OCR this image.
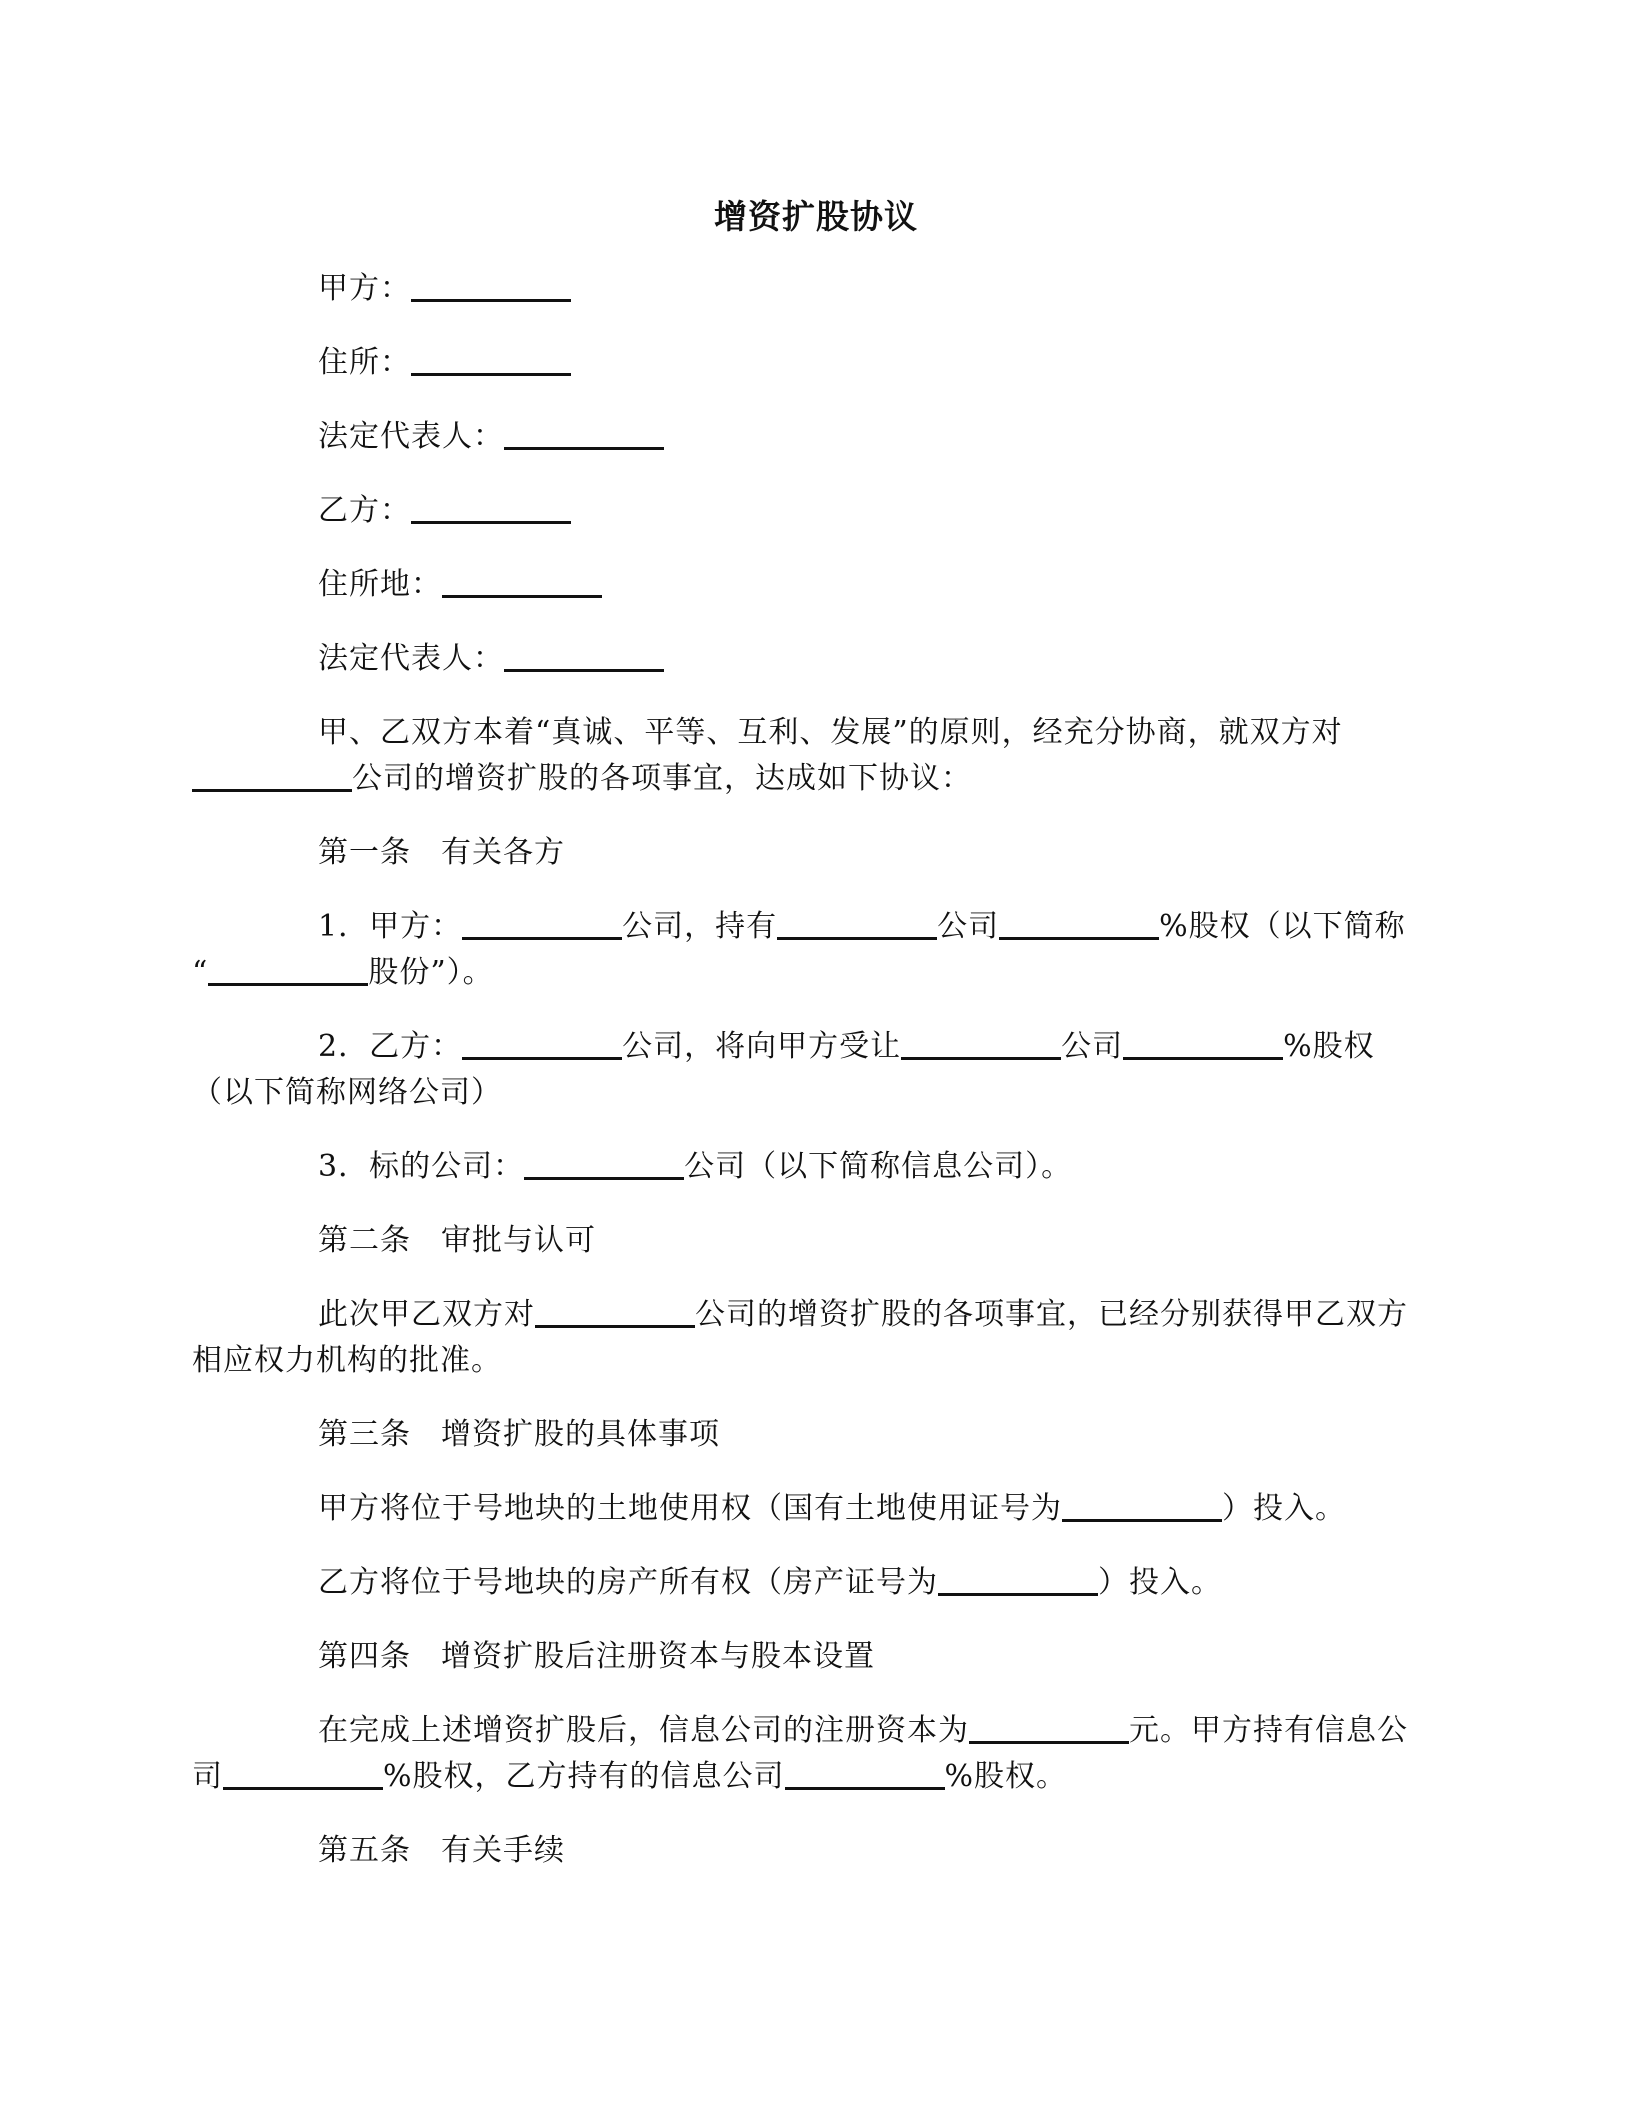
增资扩股协议
甲方：
住所：
法定代表人：
乙方：
住所地：
法定代表人：
甲、乙双方本着“真诚、平等、互利、发展”的原则，经充分协商，就双方对
公司的增资扩股的各项事宜，达成如下协议：
第一条 有关各方
1．甲方：	公司，持有	公司	%股权（以下简称
“	股份”）。
2．乙方：	公司，将向甲方受让	公司	%股权
（以下简称网络公司）
3．标的公司：	公司（以下简称信息公司）。
第二条 审批与认可
此次甲乙双方对	公司的增资扩股的各项事宜，已经分别获得甲乙双方
相应权力机构的批准。
第三条 增资扩股的具体事项
甲方将位于号地块的土地使用权（国有土地使用证号为	）投入。
乙方将位于号地块的房产所有权（房产证号为	）投入。
第四条 增资扩股后注册资本与股本设置
在完成上述增资扩股后，信息公司的注册资本为	元。甲方持有信息公
司	%股权，乙方持有的信息公司	%股权。
第五条 有关手续
